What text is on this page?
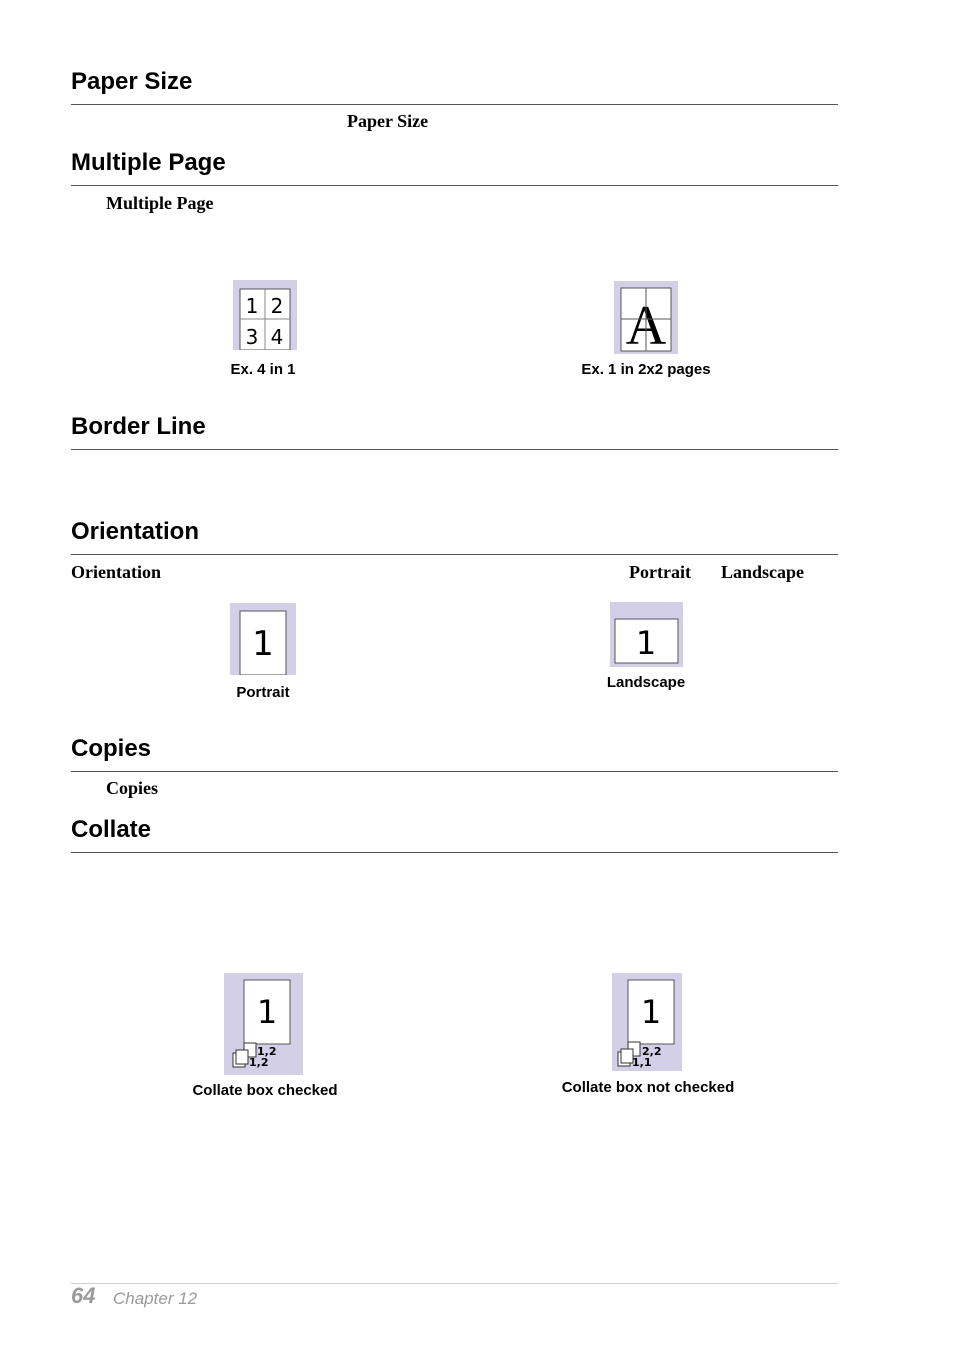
Paper Size
Paper Size
Multiple Page
Multiple Page
1 2
3 4
Ex. 4 in 1
A
Ex. 1 in 2x2 pages
Border Line
Orientation
Orientation	Portrait Landscape
1
Portrait
1
Landscape
Copies
Copies
Collate
1
1,2
1,2
Collate box checked
1
2,2
1,1
Collate box not checked
64 Chapter 12
